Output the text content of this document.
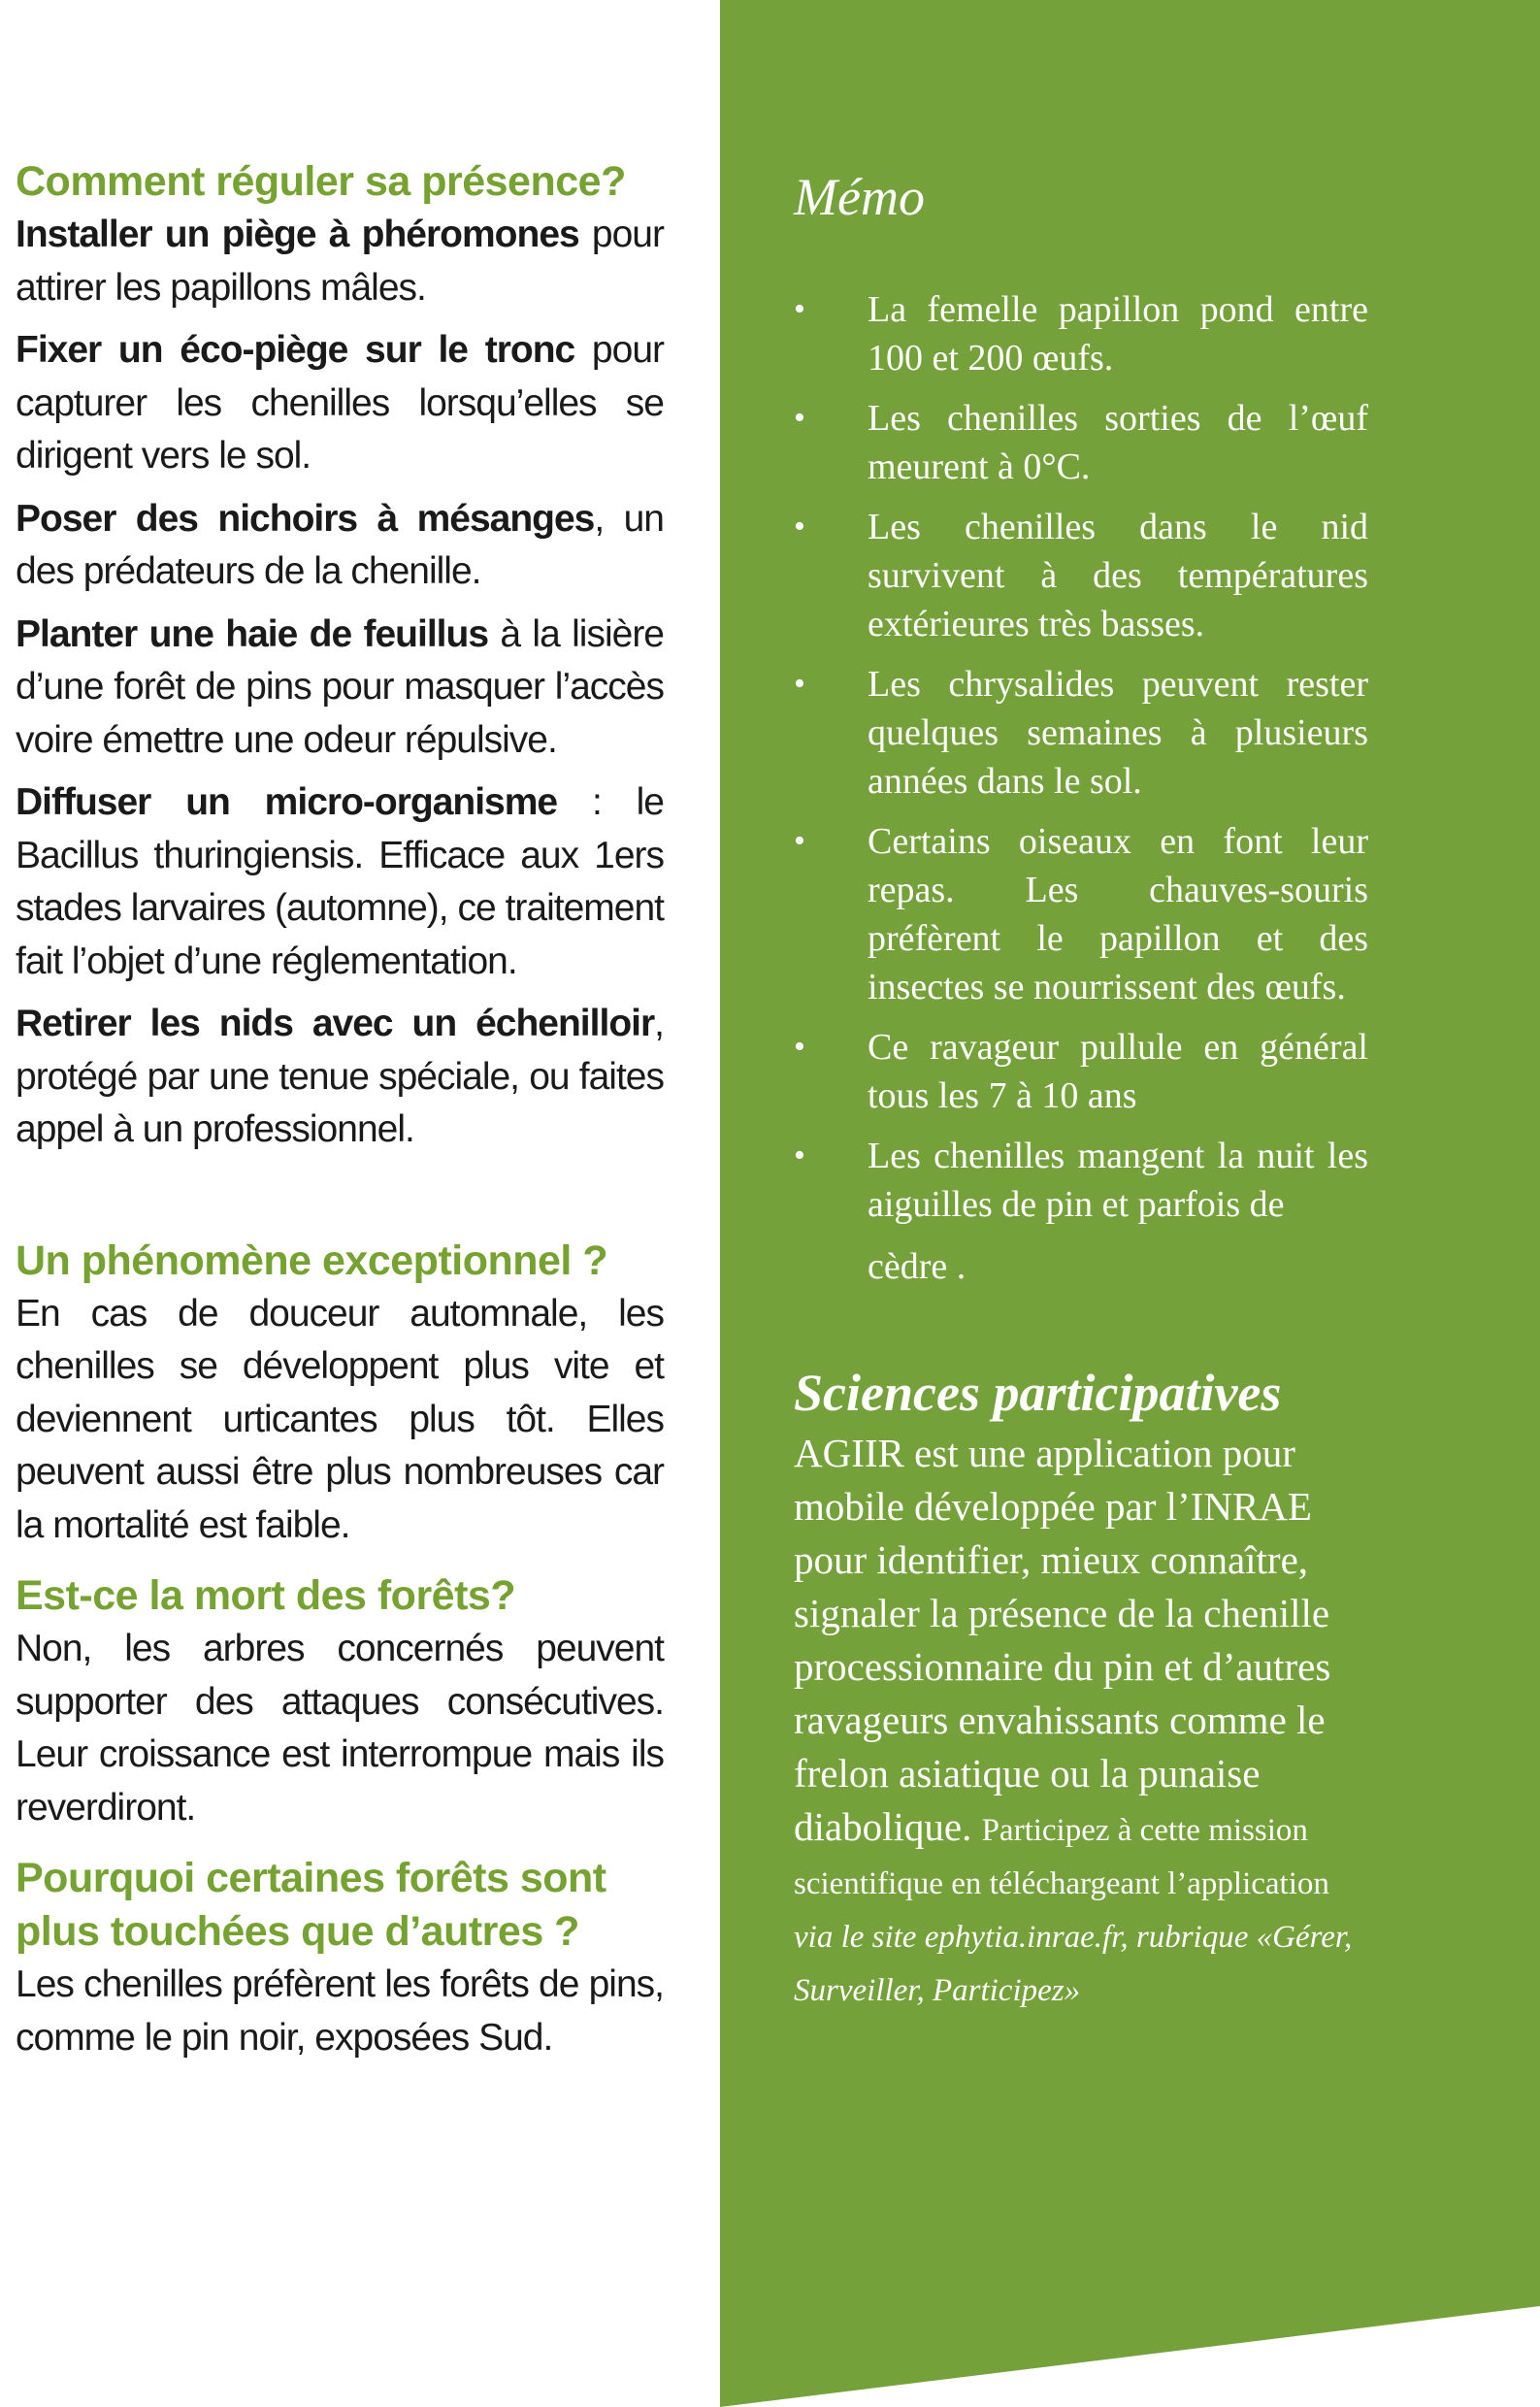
Comment réguler sa présence?

Installer un piège à phéromones pour attirer les papillons mâles.

Fixer un éco-piège sur le tronc pour capturer les chenilles lorsqu’elles se dirigent vers le sol.

Poser des nichoirs à mésanges, un des prédateurs de la chenille.

Planter une haie de feuillus à la lisière d’une forêt de pins pour masquer l’accès voire émettre une odeur répulsive.

Diffuser un micro-organisme : le Bacillus thuringiensis. Efficace aux 1ers stades larvaires (automne), ce traitement fait l’objet d’une réglementation.

Retirer les nids avec un échenilloir, protégé par une tenue spéciale, ou faites appel à un professionnel.

Un phénomène exceptionnel ?

En cas de douceur automnale, les chenilles se développent plus vite et deviennent urticantes plus tôt. Elles peuvent aussi être plus nombreuses car la mortalité est faible.

Est-ce la mort des forêts?

Non, les arbres concernés peuvent supporter des attaques consécutives. Leur croissance est interrompue mais ils reverdiront.

Pourquoi certaines forêts sont plus touchées que d’autres ?

Les chenilles préfèrent les forêts de pins, comme le pin noir, exposées Sud.

Mémo
• La femelle papillon pond entre 100 et 200 œufs.
• Les chenilles sorties de l’œuf meurent à 0°C.
• Les chenilles dans le nid survivent à des températures extérieures très basses.
• Les chrysalides peuvent rester quelques semaines à plusieurs années dans le sol.
• Certains oiseaux en font leur repas. Les chauves-souris préfèrent le papillon et des insectes se nourrissent des œufs.
• Ce ravageur pullule en général tous les 7 à 10 ans
• Les chenilles mangent la nuit les aiguilles de pin et parfois de
cèdre .
Sciences participatives

AGIIR est une application pour mobile développée par l’INRAE pour identifier, mieux connaître, signaler la présence de la chenille processionnaire du pin et d’autres ravageurs envahissants comme le frelon asiatique ou la punaise diabolique. Participez à cette mission scientifique en téléchargeant l’application via le site ephytia.inrae.fr, rubrique «Gérer, Surveiller, Participez»
